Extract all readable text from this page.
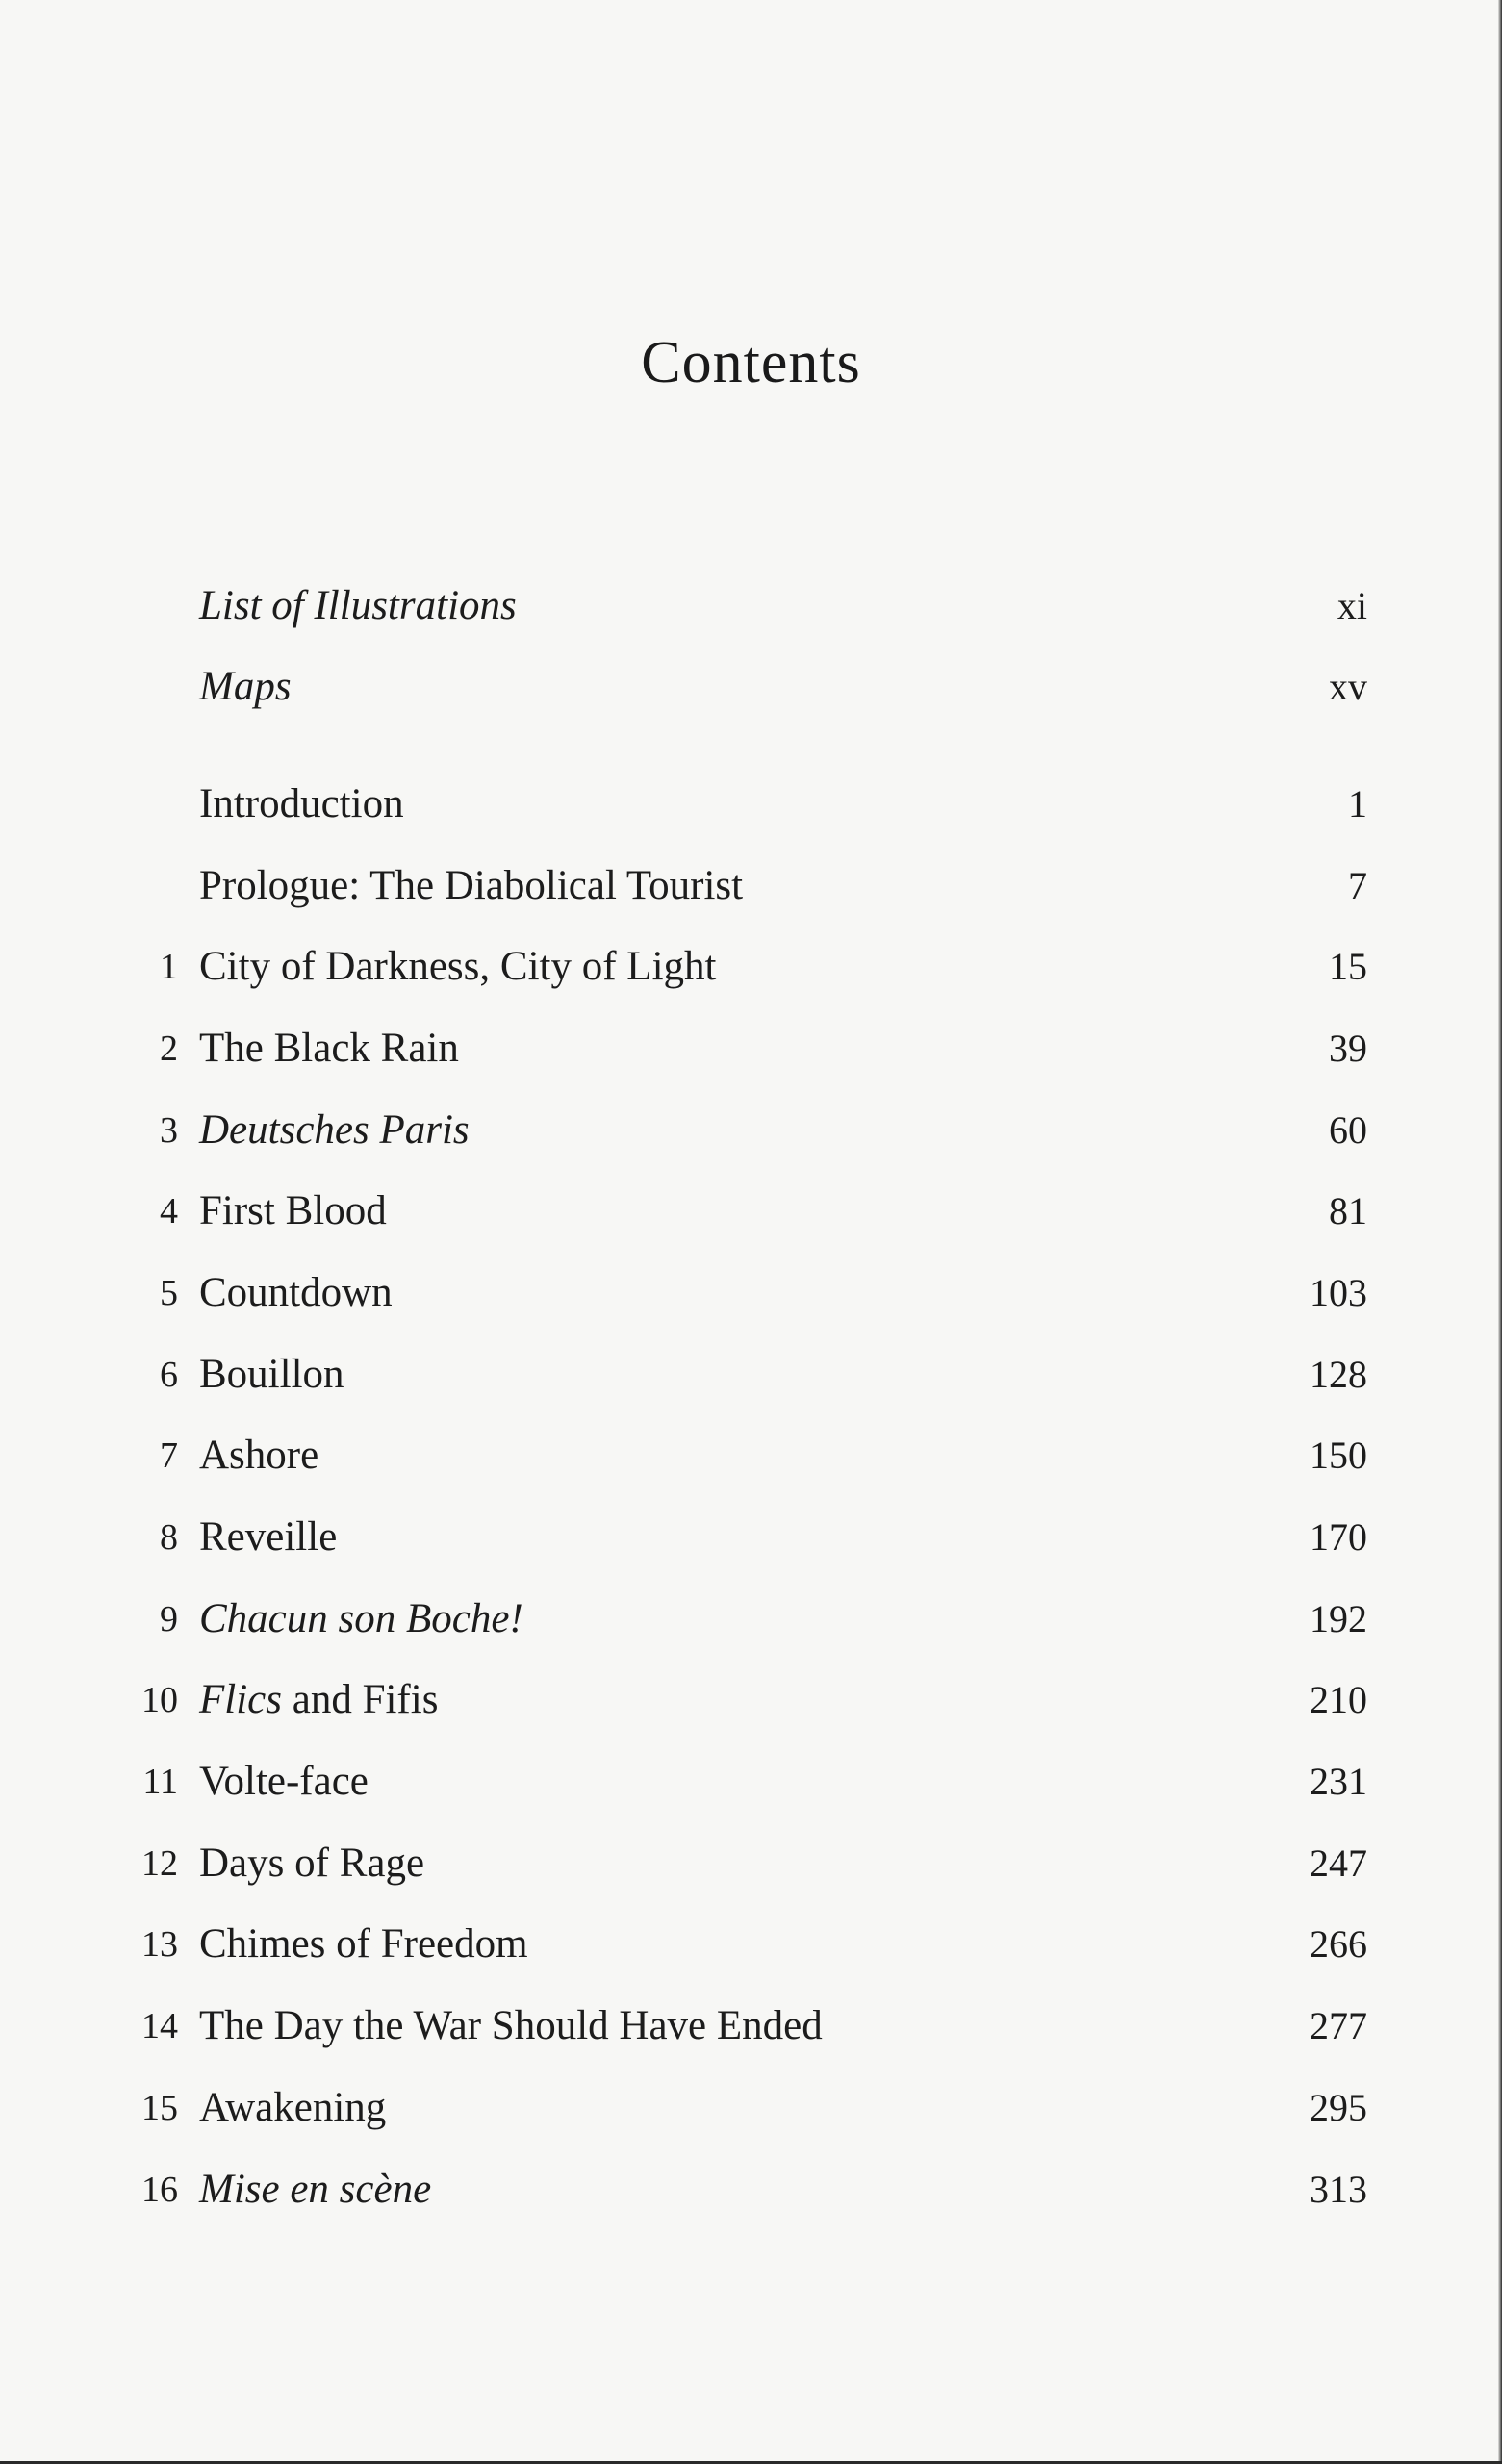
Contents
List of Illustrations	xi
Maps	xv
Introduction	1
Prologue: The Diabolical Tourist	7
1 City of Darkness, City of Light	15
2 The Black Rain	39
3 Deutsches Paris	60
4 First Blood	81
5 Countdown	103
6 Bouillon	128
7 Ashore	150
8 Reveille	170
9 Chacun son Boche!	192
10 Flics and Fifis	210
11 Volte-face	231
12 Days of Rage	247
13 Chimes of Freedom	266
14 The Day the War Should Have Ended	277
15 Awakening	295
16 Mise en scène	313
